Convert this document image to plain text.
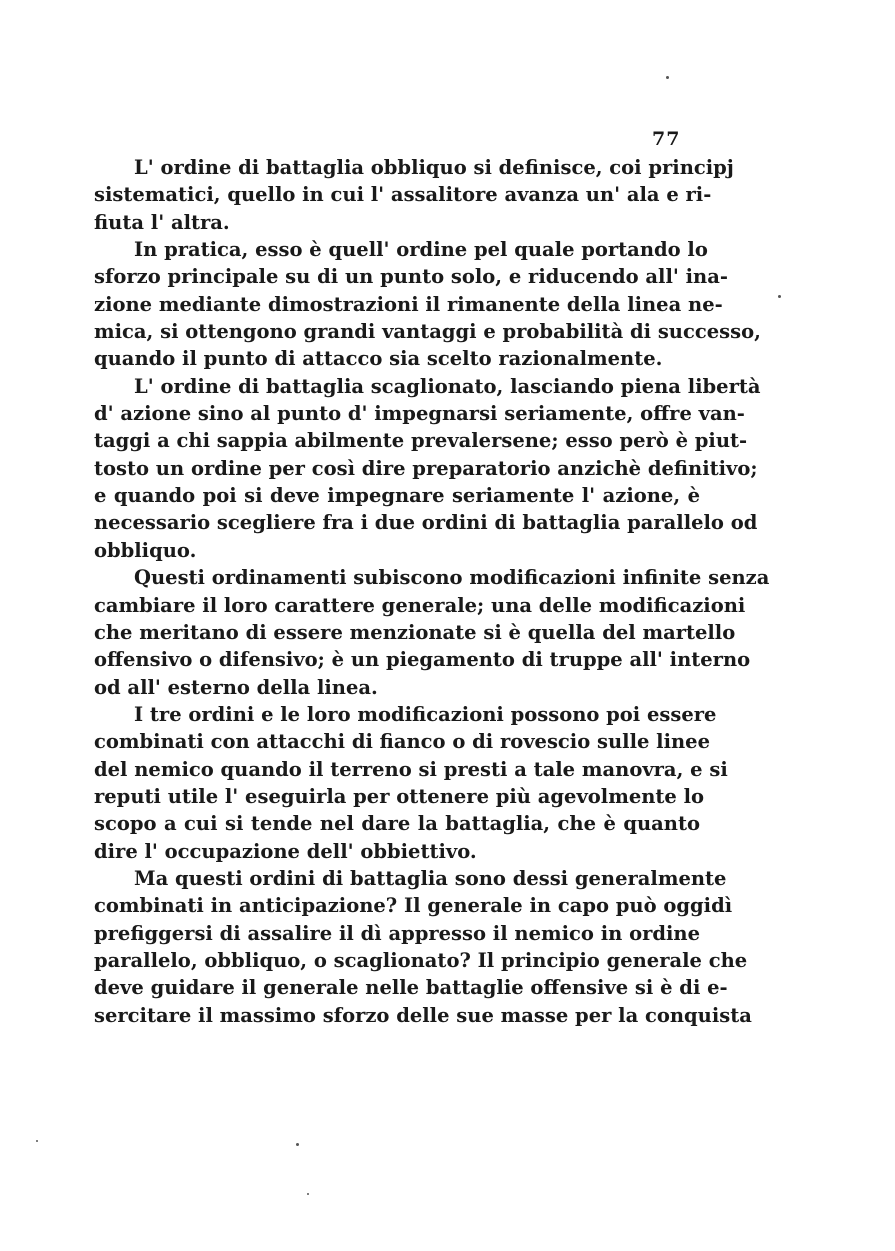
77
L' ordine di battaglia obbliquo si definisce, coi principj
sistematici, quello in cui l' assalitore avanza un' ala e ri-
fiuta l' altra.
In pratica, esso è quell' ordine pel quale portando lo
sforzo principale su di un punto solo, e riducendo all' ina-
zione mediante dimostrazioni il rimanente della linea ne-
mica, si ottengono grandi vantaggi e probabilità di successo,
quando il punto di attacco sia scelto razionalmente.
L' ordine di battaglia scaglionato, lasciando piena libertà
d' azione sino al punto d' impegnarsi seriamente, offre van-
taggi a chi sappia abilmente prevalersene; esso però è piut-
tosto un ordine per così dire preparatorio anzichè definitivo;
e quando poi si deve impegnare seriamente l' azione, è
necessario scegliere fra i due ordini di battaglia parallelo od
obbliquo.
Questi ordinamenti subiscono modificazioni infinite senza
cambiare il loro carattere generale; una delle modificazioni
che meritano di essere menzionate si è quella del martello
offensivo o difensivo; è un piegamento di truppe all' interno
od all' esterno della linea.
I tre ordini e le loro modificazioni possono poi essere
combinati con attacchi di fianco o di rovescio sulle linee
del nemico quando il terreno si presti a tale manovra, e si
reputi utile l' eseguirla per ottenere più agevolmente lo
scopo a cui si tende nel dare la battaglia, che è quanto
dire l' occupazione dell' obbiettivo.
Ma questi ordini di battaglia sono dessi generalmente
combinati in anticipazione? Il generale in capo può oggidì
prefiggersi di assalire il dì appresso il nemico in ordine
parallelo, obbliquo, o scaglionato? Il principio generale che
deve guidare il generale nelle battaglie offensive si è di e-
sercitare il massimo sforzo delle sue masse per la conquista
